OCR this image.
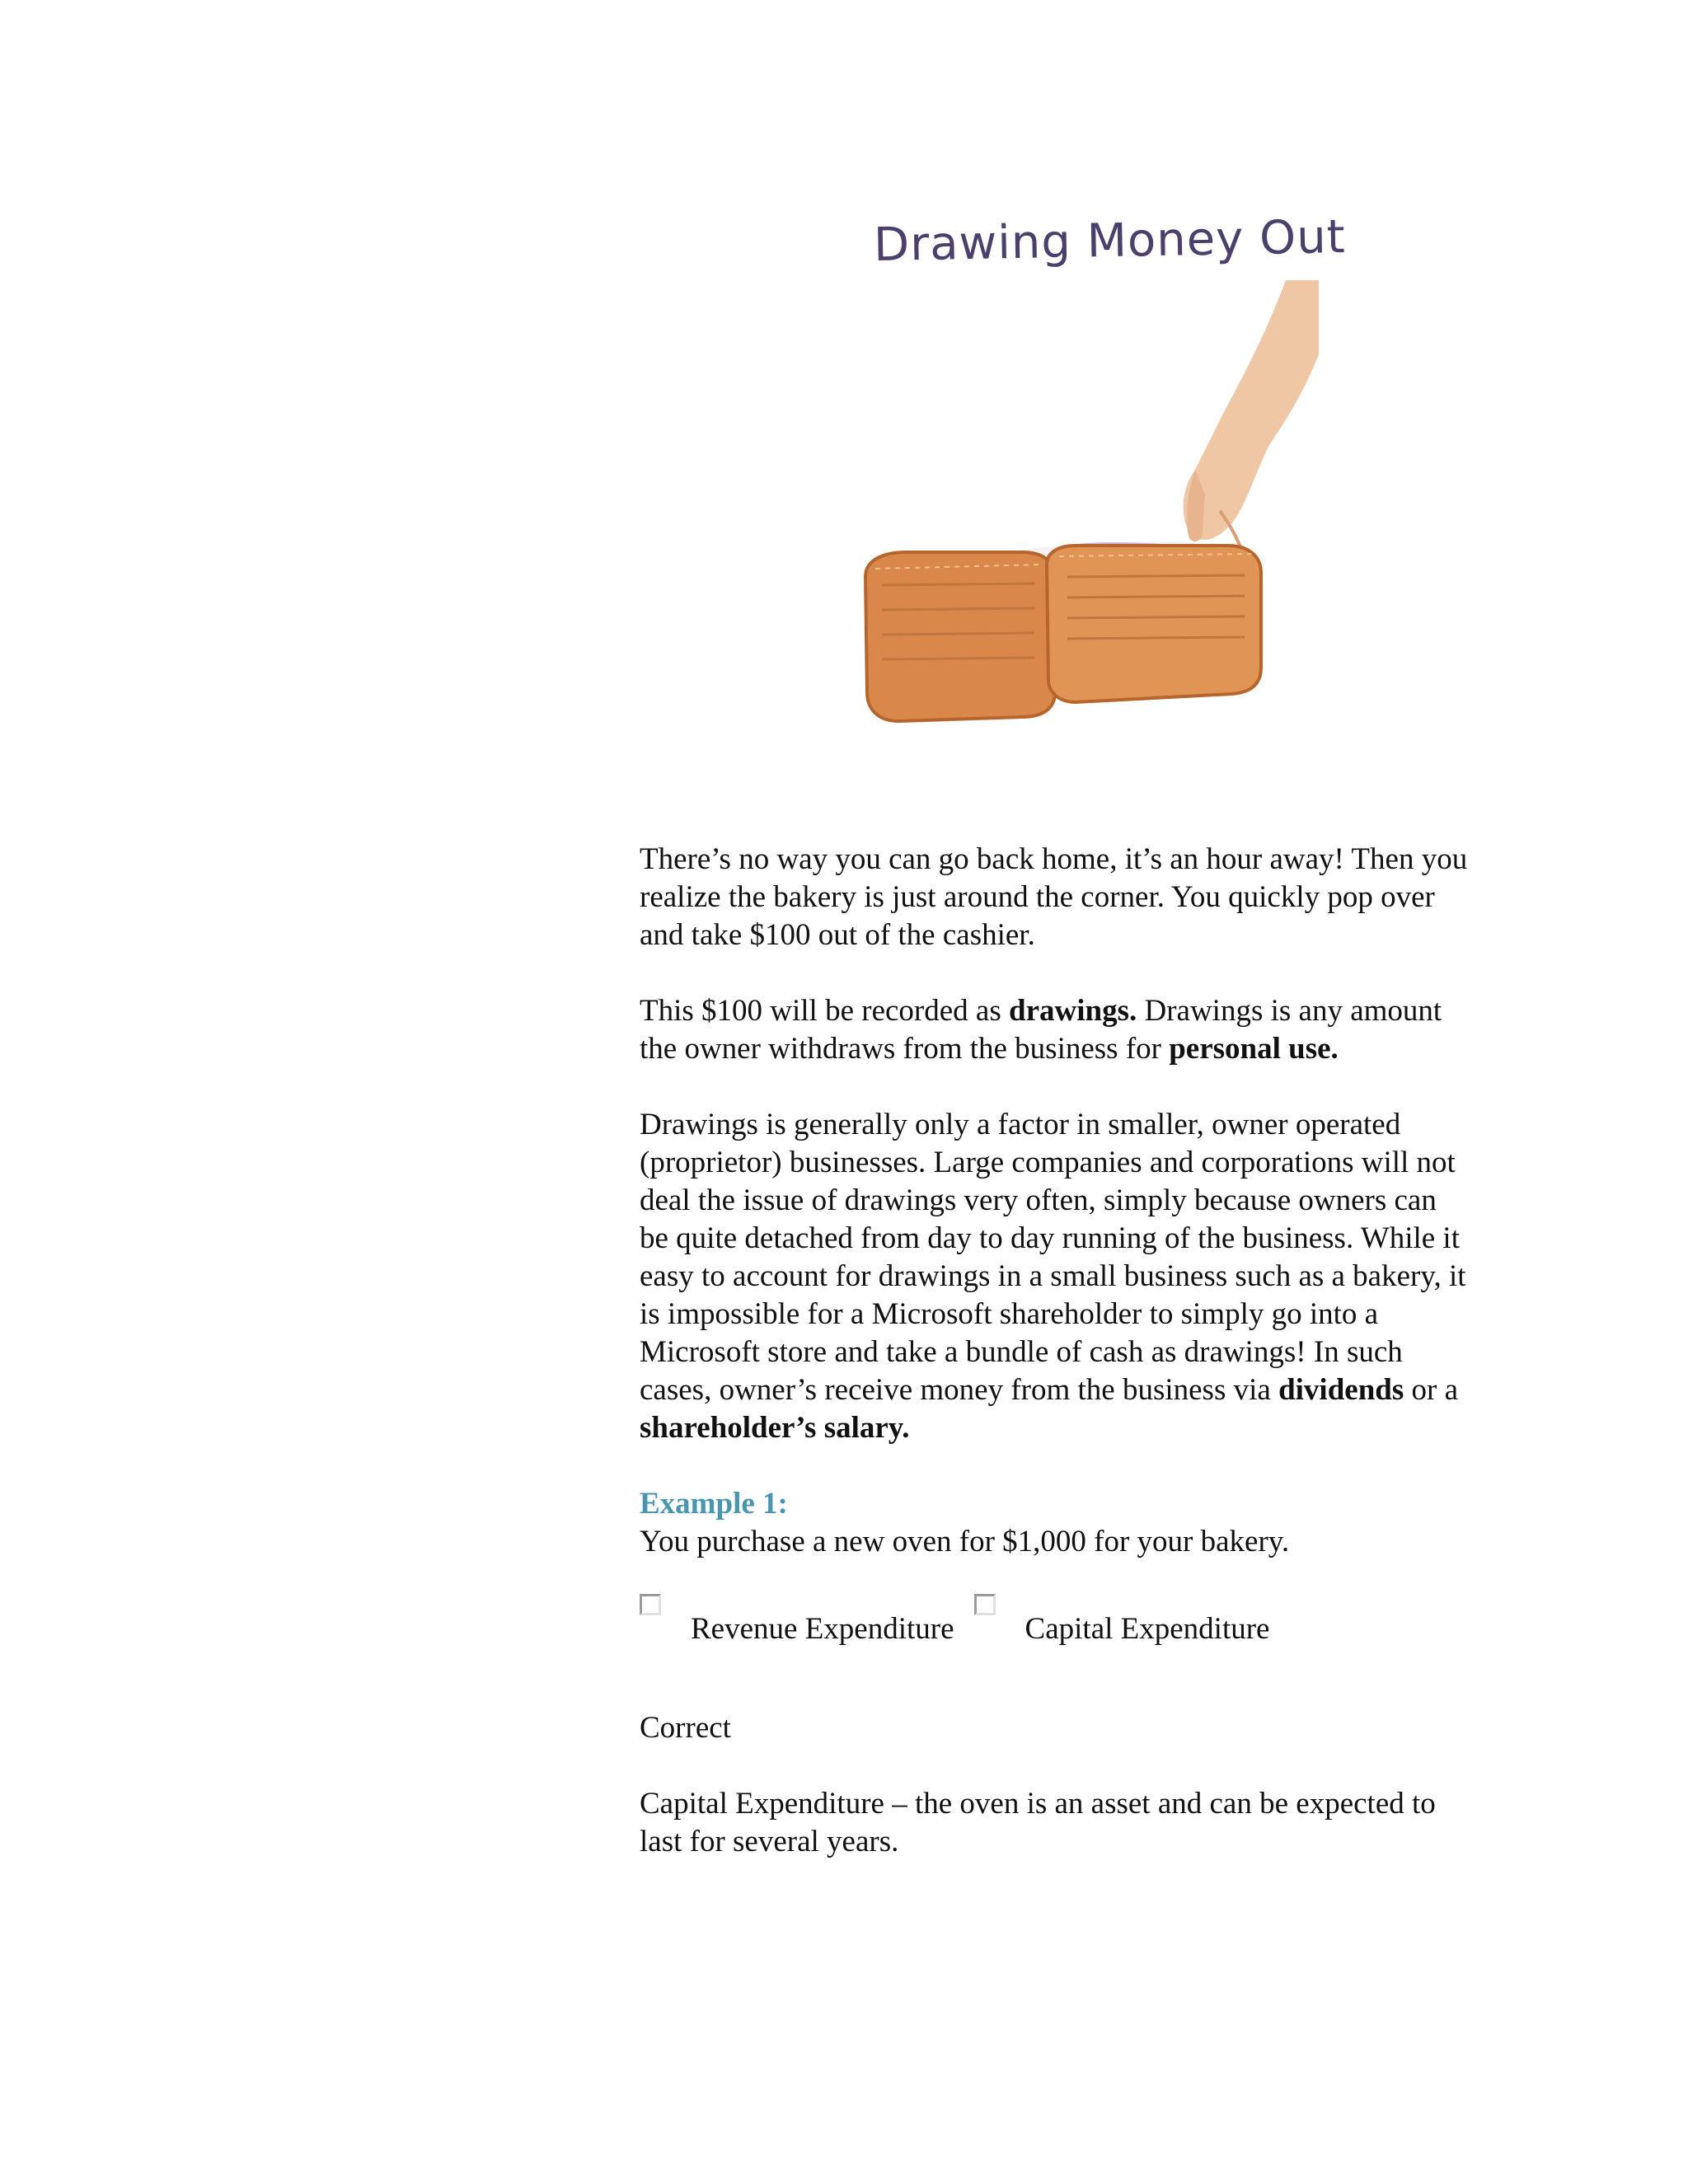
Drawing Money Out

There’s no way you can go back home, it’s an hour away! Then you realize the bakery is just around the corner. You quickly pop over and take $100 out of the cashier.

This $100 will be recorded as drawings. Drawings is any amount the owner withdraws from the business for personal use.

Drawings is generally only a factor in smaller, owner operated (proprietor) businesses. Large companies and corporations will not deal the issue of drawings very often, simply because owners can be quite detached from day to day running of the business. While it easy to account for drawings in a small business such as a bakery, it is impossible for a Microsoft shareholder to simply go into a Microsoft store and take a bundle of cash as drawings! In such cases, owner’s receive money from the business via dividends or a shareholder’s salary.

Example 1:

You purchase a new oven for $1,000 for your bakery.

Revenue Expenditure Capital Expenditure

Correct

Capital Expenditure – the oven is an asset and can be expected to last for several years.
